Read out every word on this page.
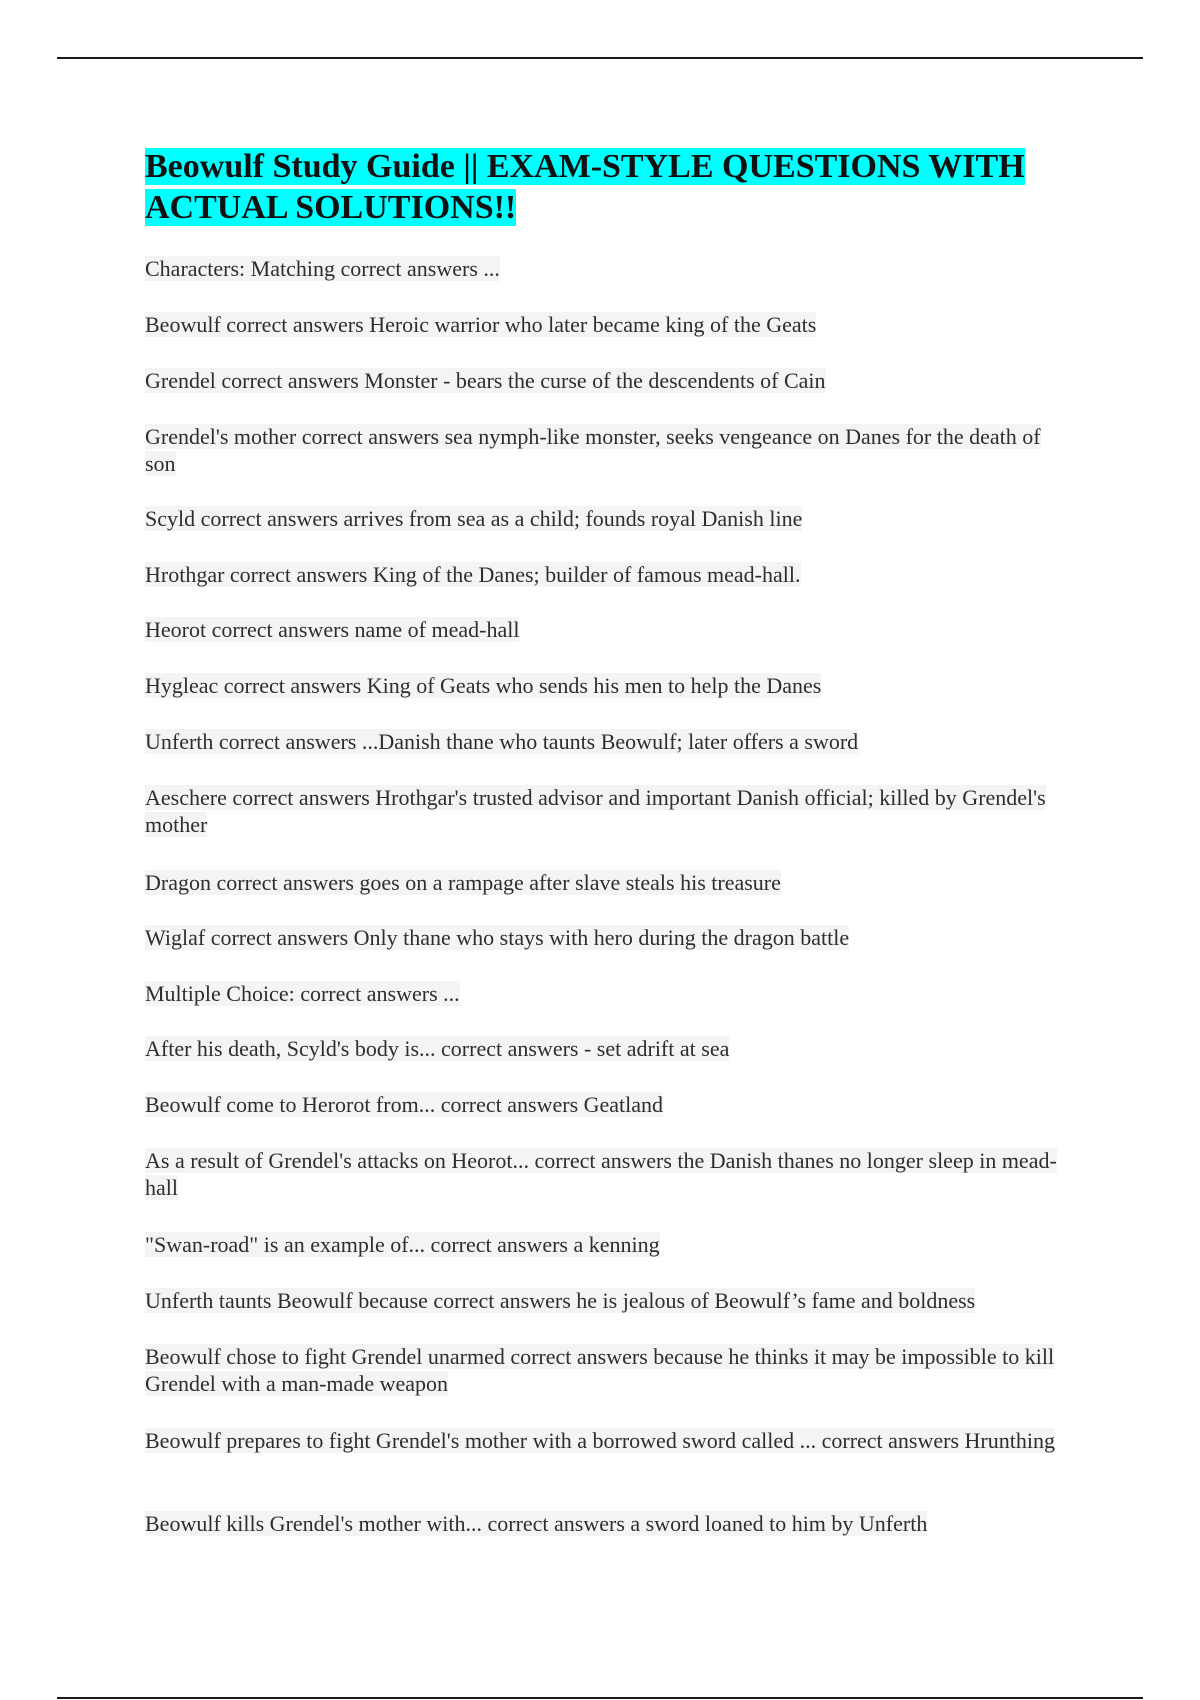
Beowulf Study Guide || EXAM-STYLE QUESTIONS WITH ACTUAL SOLUTIONS!!

Characters: Matching correct answers ...

Beowulf correct answers Heroic warrior who later became king of the Geats

Grendel correct answers Monster - bears the curse of the descendents of Cain

Grendel's mother correct answers sea nymph-like monster, seeks vengeance on Danes for the death of son

Scyld correct answers arrives from sea as a child; founds royal Danish line

Hrothgar correct answers King of the Danes; builder of famous mead-hall.

Heorot correct answers name of mead-hall

Hygleac correct answers King of Geats who sends his men to help the Danes

Unferth correct answers ...Danish thane who taunts Beowulf; later offers a sword

Aeschere correct answers Hrothgar's trusted advisor and important Danish official; killed by Grendel's mother

Dragon correct answers goes on a rampage after slave steals his treasure

Wiglaf correct answers Only thane who stays with hero during the dragon battle

Multiple Choice: correct answers ...

After his death, Scyld's body is... correct answers - set adrift at sea

Beowulf come to Herorot from... correct answers Geatland

As a result of Grendel's attacks on Heorot... correct answers the Danish thanes no longer sleep in mead-hall

"Swan-road" is an example of... correct answers a kenning

Unferth taunts Beowulf because correct answers he is jealous of Beowulf’s fame and boldness

Beowulf chose to fight Grendel unarmed correct answers because he thinks it may be impossible to kill Grendel with a man-made weapon

Beowulf prepares to fight Grendel's mother with a borrowed sword called ... correct answers Hrunthing

Beowulf kills Grendel's mother with... correct answers a sword loaned to him by Unferth
